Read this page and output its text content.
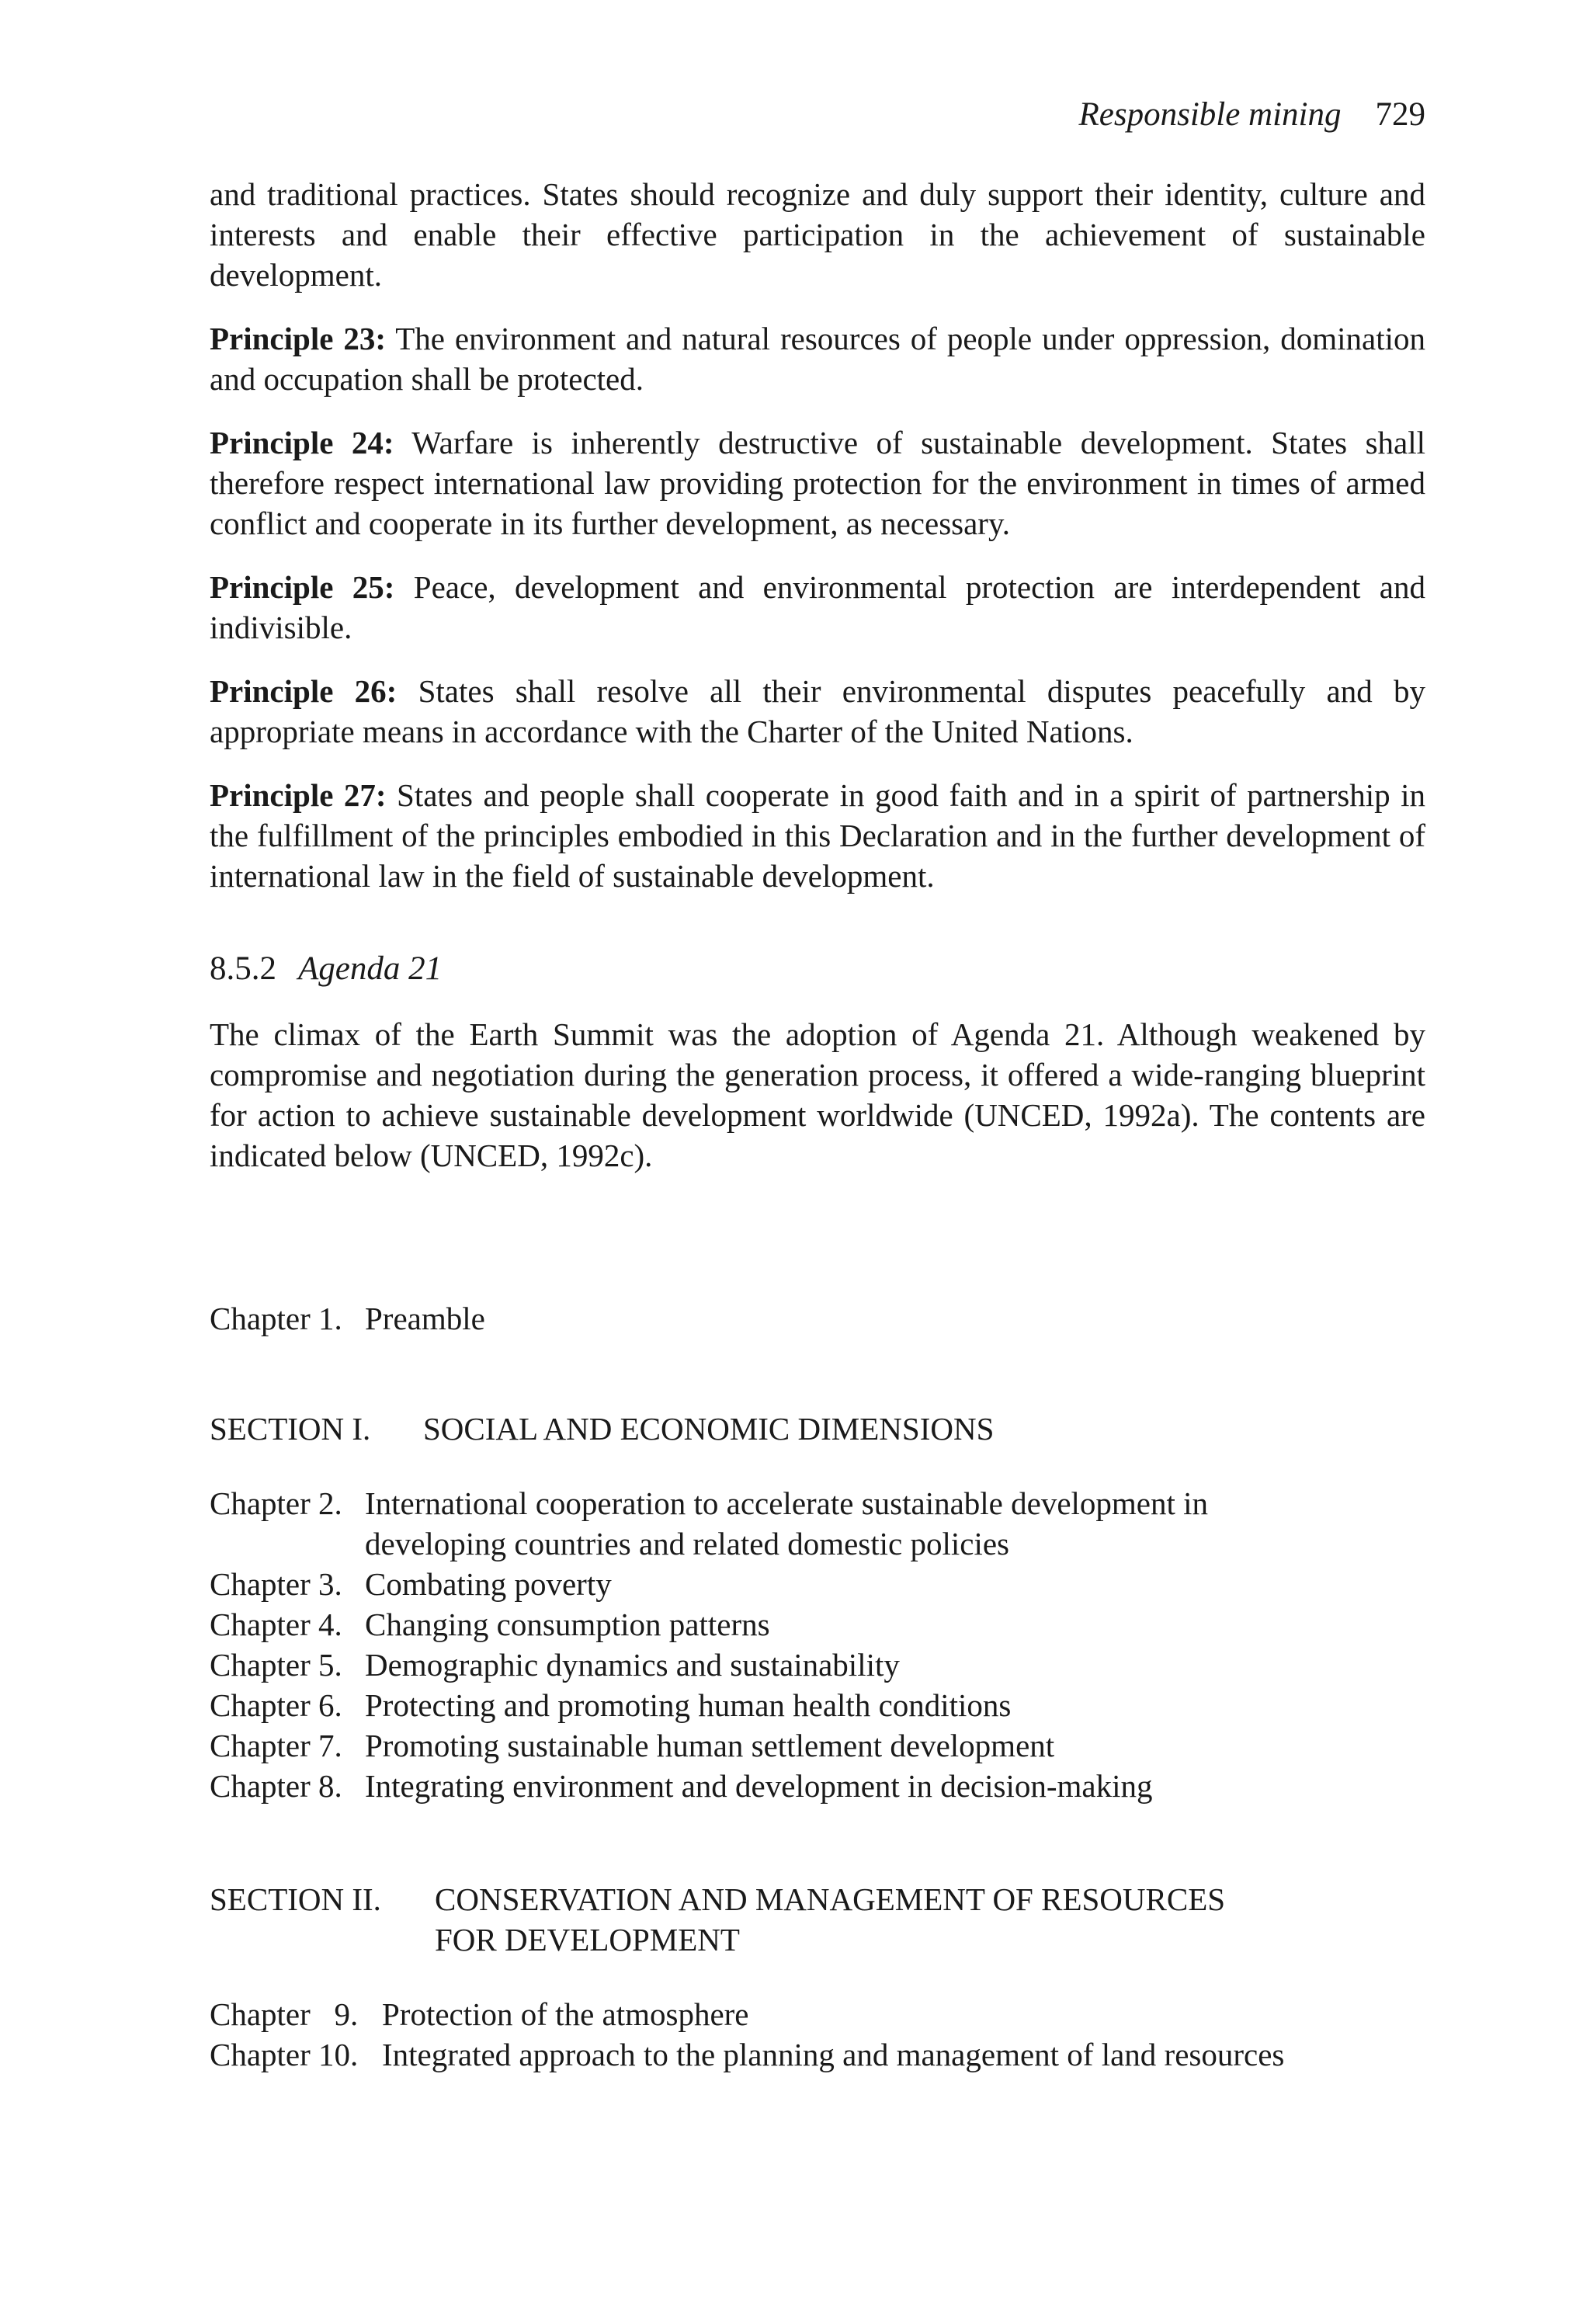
Responsible mining 729

and traditional practices. States should recognize and duly support their identity, culture and interests and enable their effective participation in the achievement of sustainable development.

Principle 23: The environment and natural resources of people under oppression, domination and occupation shall be protected.

Principle 24: Warfare is inherently destructive of sustainable development. States shall therefore respect international law providing protection for the environment in times of armed conflict and cooperate in its further development, as necessary.

Principle 25: Peace, development and environmental protection are interdependent and indivisible.

Principle 26: States shall resolve all their environmental disputes peacefully and by appropriate means in accordance with the Charter of the United Nations.

Principle 27: States and people shall cooperate in good faith and in a spirit of partnership in the fulfillment of the principles embodied in this Declaration and in the further development of international law in the field of sustainable development.

8.5.2 Agenda 21

The climax of the Earth Summit was the adoption of Agenda 21. Although weakened by compromise and negotiation during the generation process, it offered a wide-ranging blueprint for action to achieve sustainable development worldwide (UNCED, 1992a). The contents are indicated below (UNCED, 1992c).

Chapter 1. Preamble
SECTION I. SOCIAL AND ECONOMIC DIMENSIONS
Chapter 2. International cooperation to accelerate sustainable development in
developing countries and related domestic policies
Chapter 3. Combating poverty
Chapter 4. Changing consumption patterns
Chapter 5. Demographic dynamics and sustainability
Chapter 6. Protecting and promoting human health conditions
Chapter 7. Promoting sustainable human settlement development
Chapter 8. Integrating environment and development in decision-making
SECTION II. CONSERVATION AND MANAGEMENT OF RESOURCES
FOR DEVELOPMENT
Chapter   9. Protection of the atmosphere
Chapter 10. Integrated approach to the planning and management of land resources
